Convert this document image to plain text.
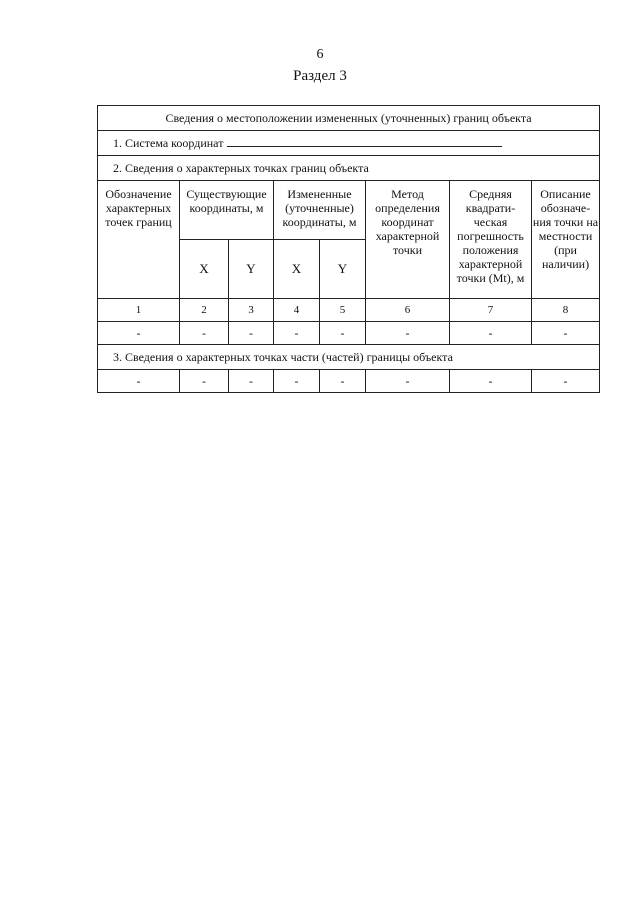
6
Раздел 3
Сведения о местоположении измененных (уточненных) границ объекта							
1. Система координат							
2. Сведения о характерных точках границ объекта							
Обозначение характерных точек границ	Существующие координаты, м		Измененные (уточненные) координаты, м		Метод определения координат характерной точки	Средняя квадрати-ческая погрешность положения характерной точки (Mt), м	Описание обозначе-ния точки на местности (при наличии)
	X	Y	X	Y			
1	2	3	4	5	6	7	8
-	-	-	-	-	-	-	-
3. Сведения о характерных точках части (частей) границы объекта							
-	-	-	-	-	-	-	-
